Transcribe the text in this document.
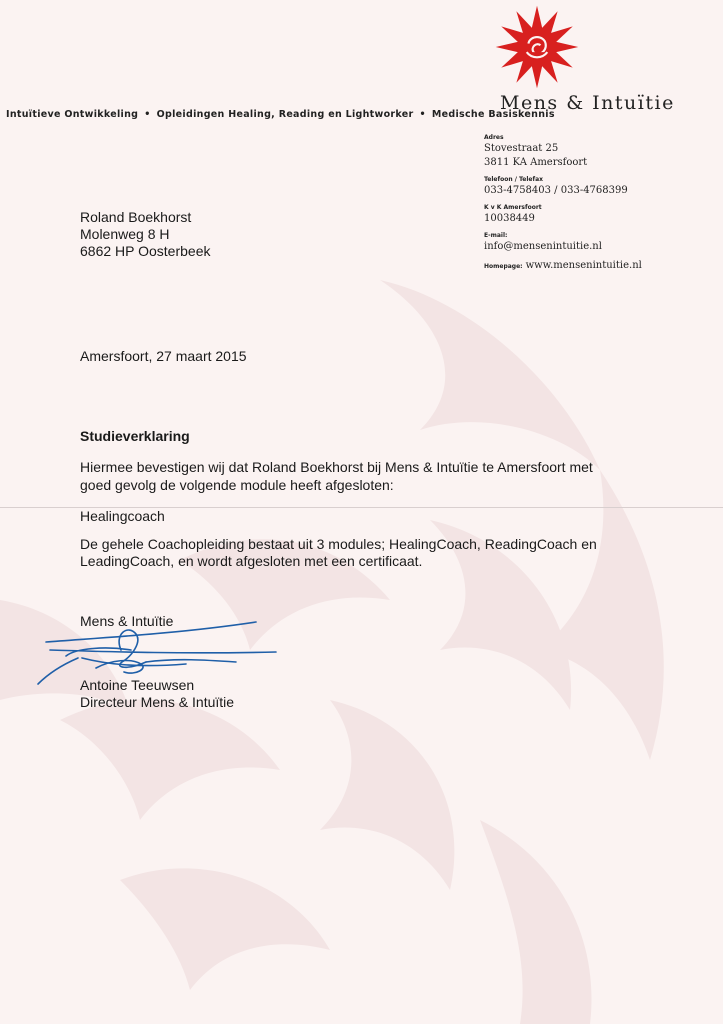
Mens & Intuïtie
Intuïtieve Ontwikkeling • Opleidingen Healing, Reading en Lightworker • Medische Basiskennis
Adres
Stovestraat 25
3811 KA Amersfoort
Telefoon / Telefax
033-4758403 / 033-4768399
K v K Amersfoort
10038449
E-mail:
info@mensenintuitie.nl
Homepage: www.mensenintuitie.nl
Roland Boekhorst
Molenweg 8 H
6862 HP Oosterbeek
Amersfoort, 27 maart 2015
Studieverklaring
Hiermee bevestigen wij dat Roland Boekhorst bij Mens & Intuïtie te Amersfoort met goed gevolg de volgende module heeft afgesloten:
Healingcoach
De gehele Coachopleiding bestaat uit 3 modules; HealingCoach, ReadingCoach en LeadingCoach, en wordt afgesloten met een certificaat.
Mens & Intuïtie
Antoine Teeuwsen
Directeur Mens & Intuïtie
